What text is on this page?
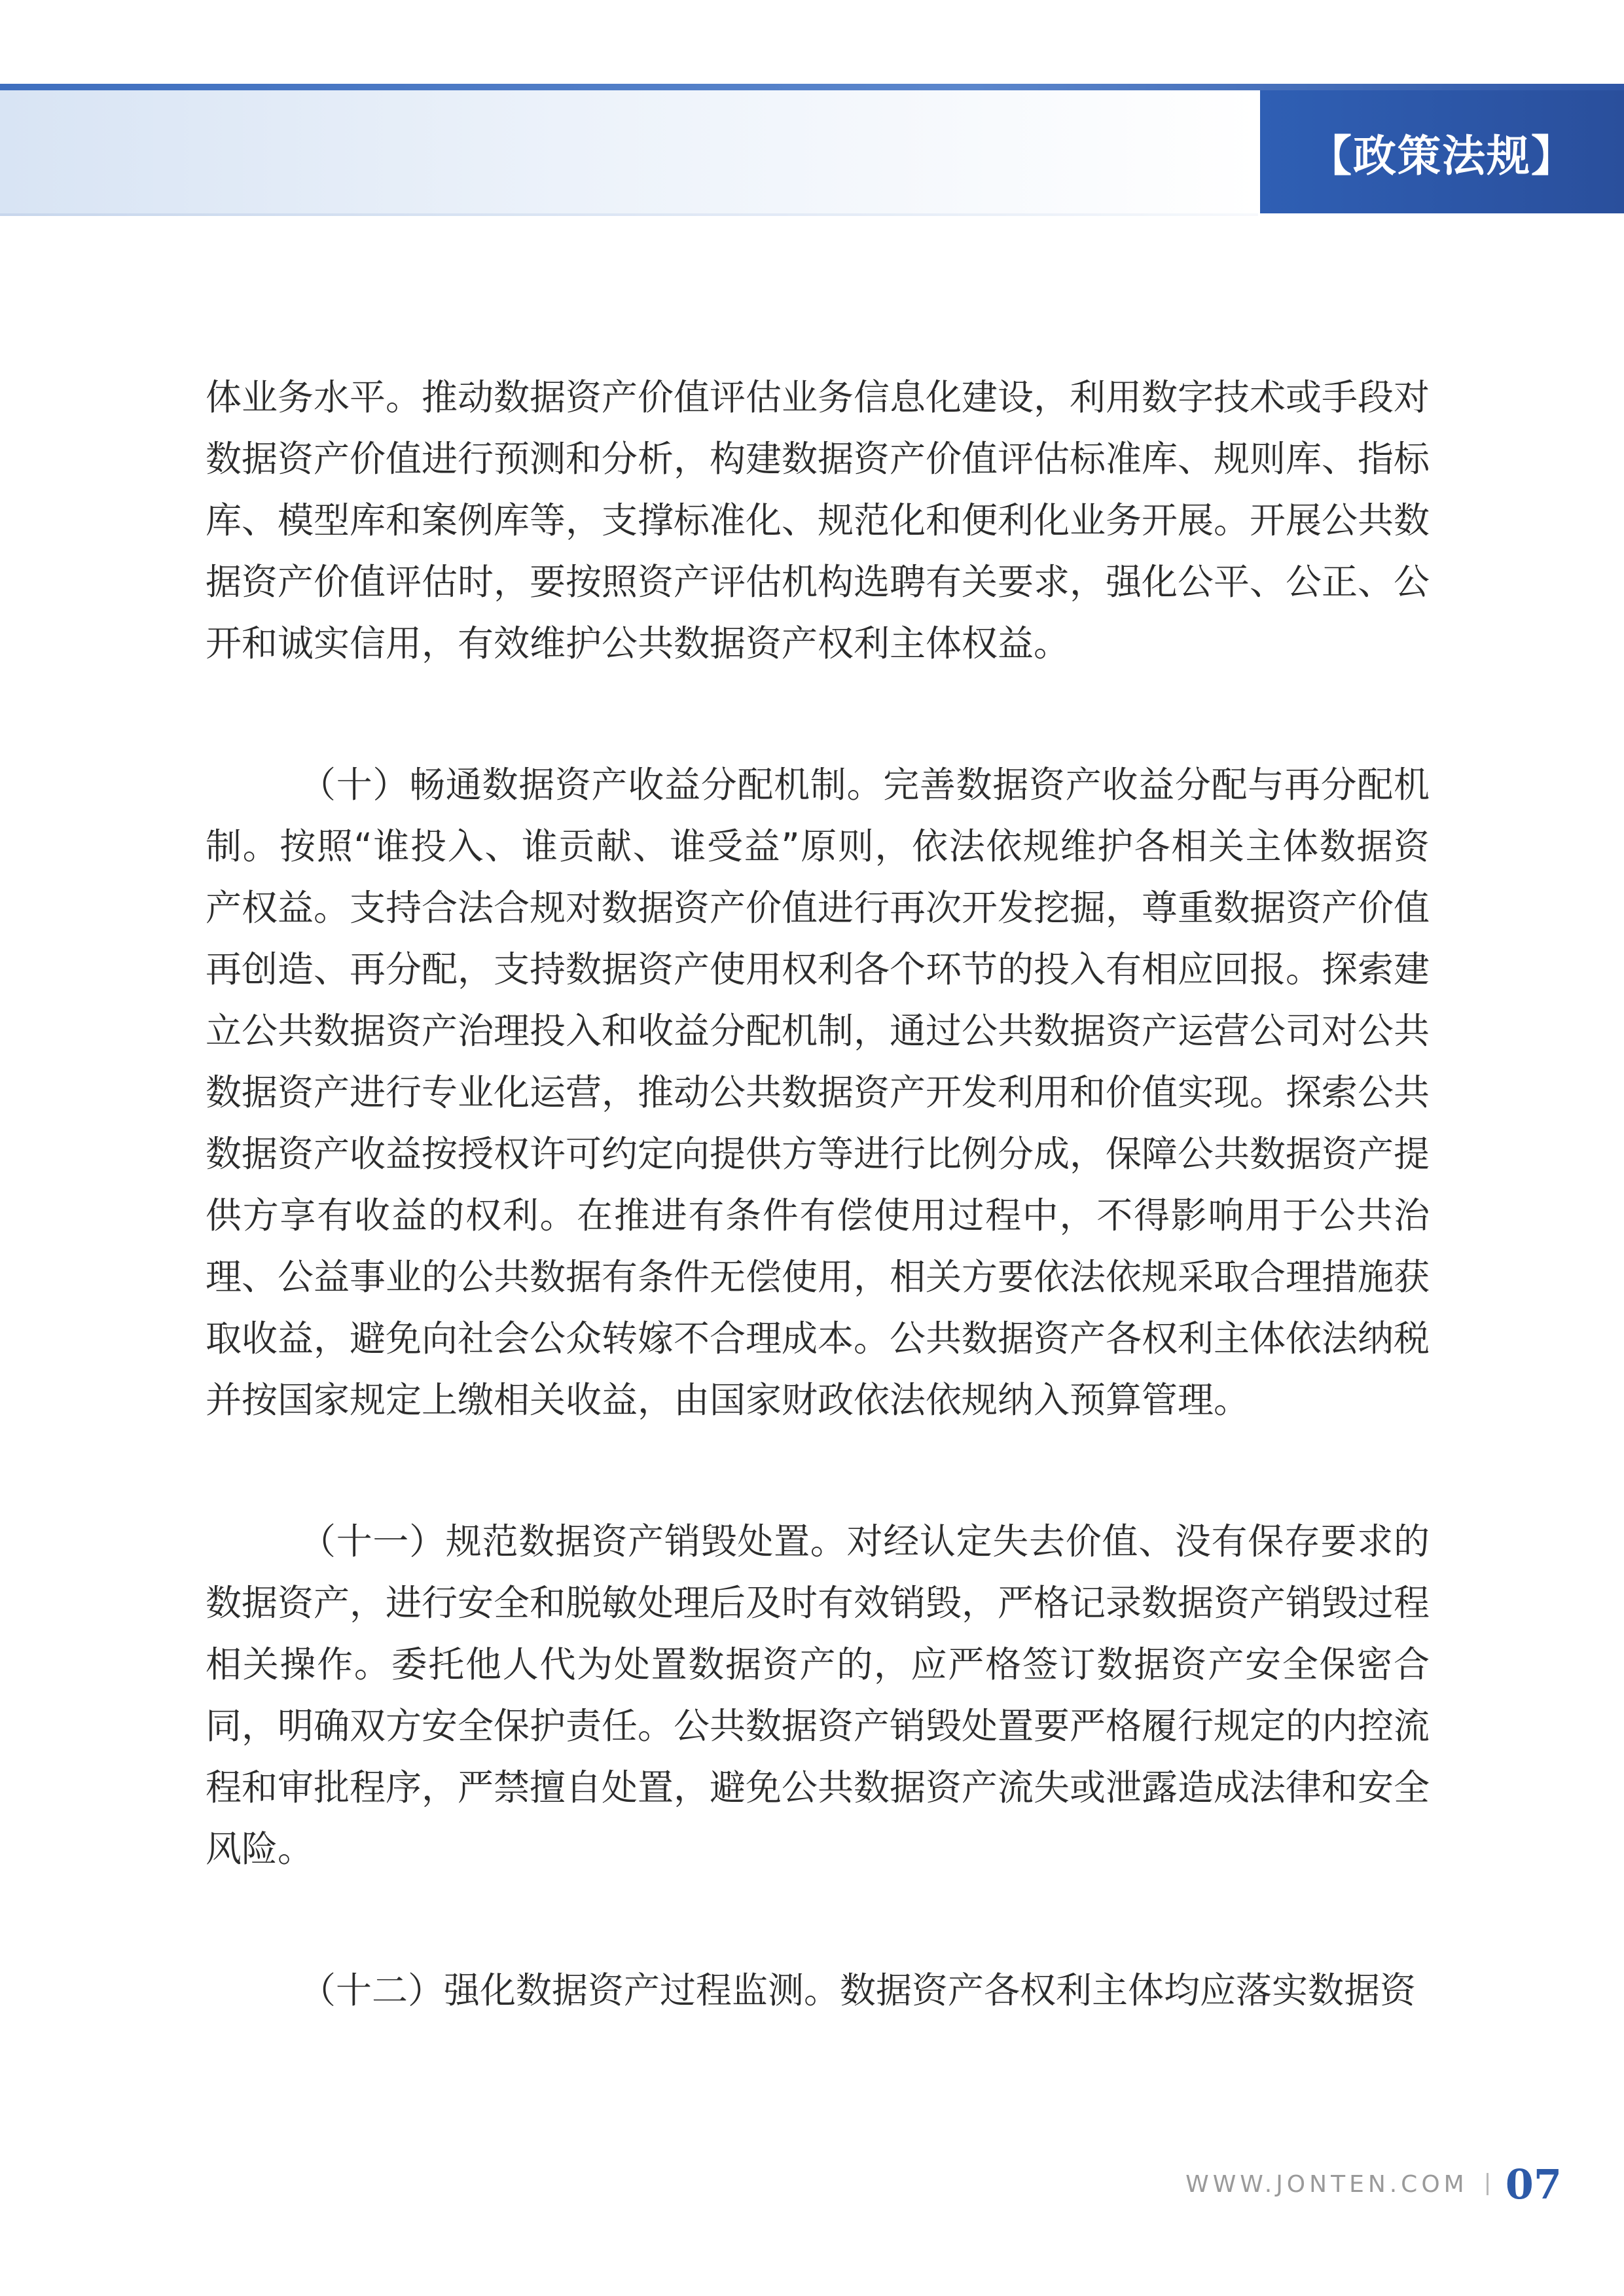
【政策法规】

体业务水平。推动数据资产价值评估业务信息化建设，利用数字技术或手段对数据资产价值进行预测和分析，构建数据资产价值评估标准库、规则库、指标库、模型库和案例库等，支撑标准化、规范化和便利化业务开展。开展公共数据资产价值评估时，要按照资产评估机构选聘有关要求，强化公平、公正、公开和诚实信用，有效维护公共数据资产权利主体权益。

（十）畅通数据资产收益分配机制。完善数据资产收益分配与再分配机制。按照“谁投入、谁贡献、谁受益”原则，依法依规维护各相关主体数据资产权益。支持合法合规对数据资产价值进行再次开发挖掘，尊重数据资产价值再创造、再分配，支持数据资产使用权利各个环节的投入有相应回报。探索建立公共数据资产治理投入和收益分配机制，通过公共数据资产运营公司对公共数据资产进行专业化运营，推动公共数据资产开发利用和价值实现。探索公共数据资产收益按授权许可约定向提供方等进行比例分成，保障公共数据资产提供方享有收益的权利。在推进有条件有偿使用过程中，不得影响用于公共治理、公益事业的公共数据有条件无偿使用，相关方要依法依规采取合理措施获取收益，避免向社会公众转嫁不合理成本。公共数据资产各权利主体依法纳税并按国家规定上缴相关收益，由国家财政依法依规纳入预算管理。

（十一）规范数据资产销毁处置。对经认定失去价值、没有保存要求的数据资产，进行安全和脱敏处理后及时有效销毁，严格记录数据资产销毁过程相关操作。委托他人代为处置数据资产的，应严格签订数据资产安全保密合同，明确双方安全保护责任。公共数据资产销毁处置要严格履行规定的内控流程和审批程序，严禁擅自处置，避免公共数据资产流失或泄露造成法律和安全风险。

（十二）强化数据资产过程监测。数据资产各权利主体均应落实数据资

WWW.JONTEN.COM 07
